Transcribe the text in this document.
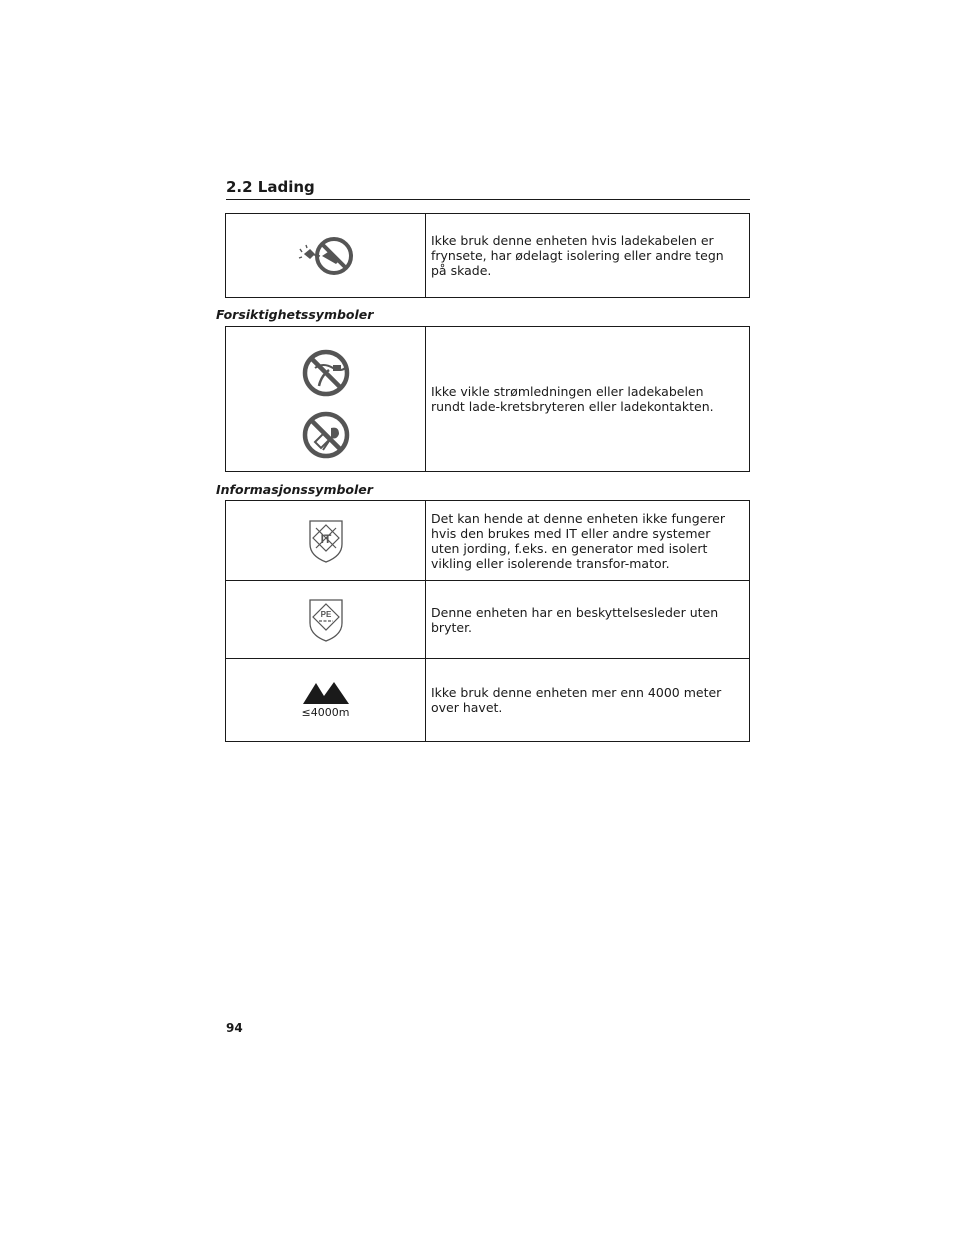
2.2 Lading
	Ikke bruk denne enheten hvis ladekabelen er frynsete, har ødelagt isolering eller andre tegn på skade.
Forsiktighetssymboler
	Ikke vikle strømledningen eller ladekabelen rundt lade-kretsbryteren eller ladekontakten.
Informasjonssymboler
IT	Det kan hende at denne enheten ikke fungerer hvis den brukes med IT eller andre systemer uten jording, f.eks. en generator med isolert vikling eller isolerende transfor-mator.

PE	Denne enheten har en beskyttelsesleder uten bryter.

≤4000m	Ikke bruk denne enheten mer enn 4000 meter over havet.
94
